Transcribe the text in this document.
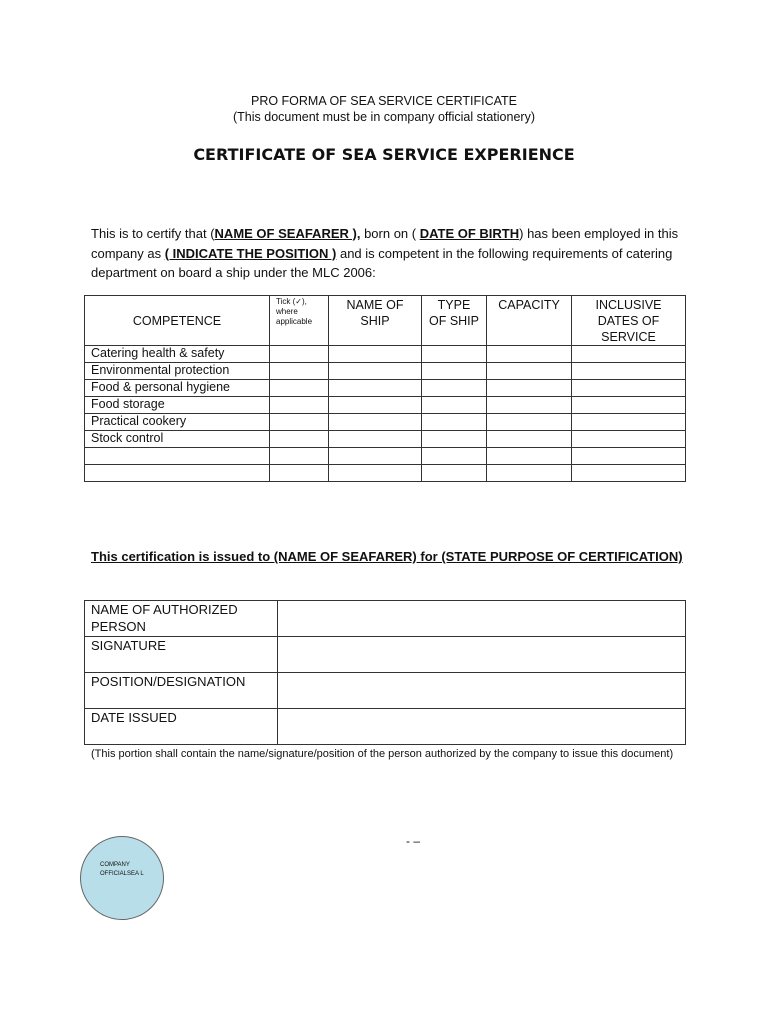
PRO FORMA OF SEA SERVICE CERTIFICATE
(This document must be in company official stationery)
CERTIFICATE OF SEA SERVICE EXPERIENCE
This is to certify that (NAME OF SEAFARER ), born on ( DATE OF BIRTH) has been employed in this company as ( INDICATE THE POSITION ) and is competent in the following requirements of catering department on board a ship under the MLC 2006:
COMPETENCE	Tick (✓), where applicable	NAME OF SHIP	TYPE OF SHIP	CAPACITY	INCLUSIVE DATES OF SERVICE
Catering health & safety					
Environmental protection					
Food & personal hygiene					
Food storage					
Practical cookery					
Stock control					

This certification is issued to (NAME OF SEAFARER) for (STATE PURPOSE OF CERTIFICATION)
NAME OF AUTHORIZED PERSON	
SIGNATURE	
POSITION/DESIGNATION	
DATE ISSUED	
(This portion shall contain the name/signature/position of the person authorized by the company to issue this document)
- –
COMPANY OFFICIALSEA L
